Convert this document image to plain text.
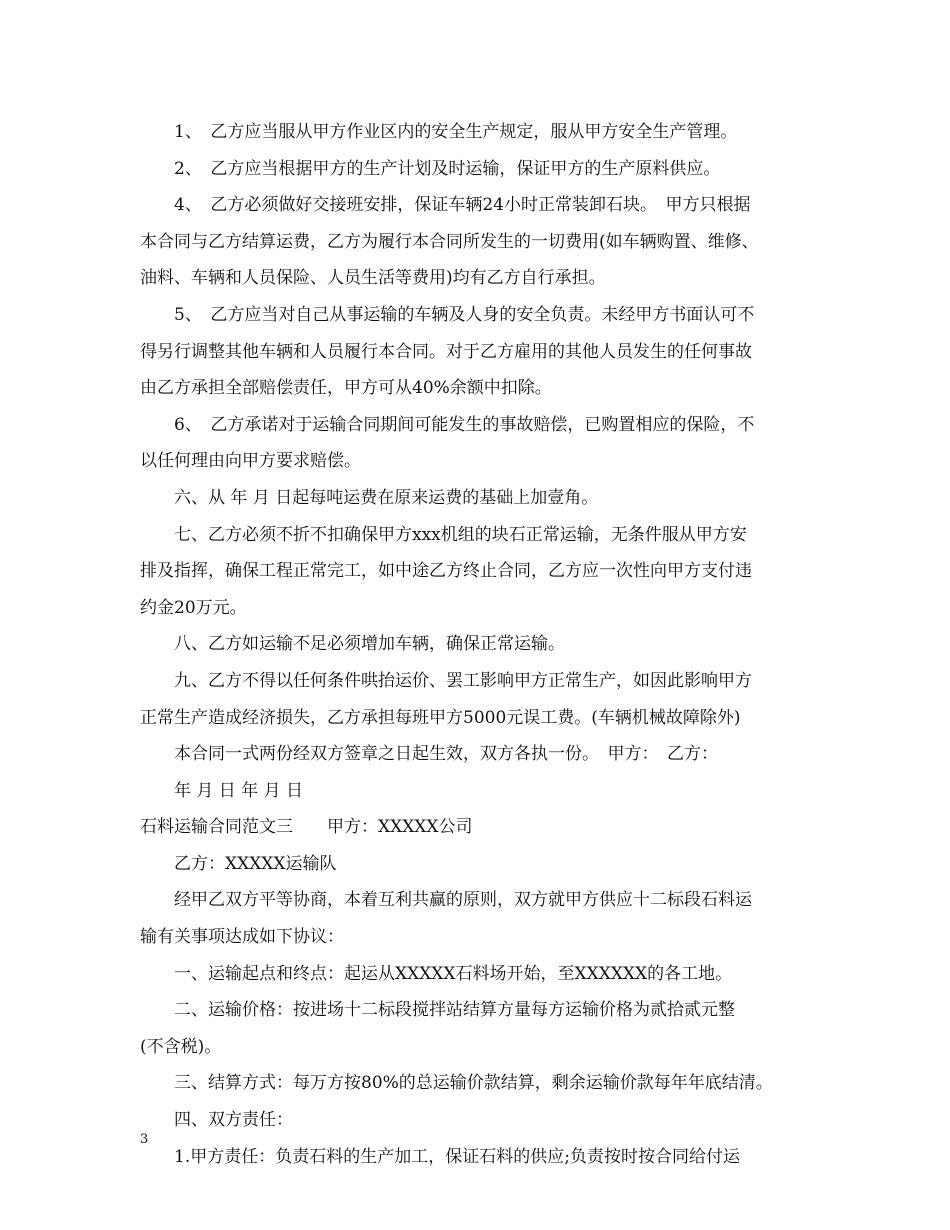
1、　乙方应当服从甲方作业区内的安全生产规定，服从甲方安全生产管理。
2、　乙方应当根据甲方的生产计划及时运输，保证甲方的生产原料供应。
4、　乙方必须做好交接班安排，保证车辆24小时正常装卸石块。　甲方只根据
本合同与乙方结算运费，乙方为履行本合同所发生的一切费用(如车辆购置、维修、
油料、车辆和人员保险、人员生活等费用)均有乙方自行承担。
5、　乙方应当对自己从事运输的车辆及人身的安全负责。未经甲方书面认可不
得另行调整其他车辆和人员履行本合同。对于乙方雇用的其他人员发生的任何事故
由乙方承担全部赔偿责任，甲方可从40%余额中扣除。
6、　乙方承诺对于运输合同期间可能发生的事故赔偿，已购置相应的保险，不
以任何理由向甲方要求赔偿。
六、从 年 月 日起每吨运费在原来运费的基础上加壹角。
七、乙方必须不折不扣确保甲方xxx机组的块石正常运输，无条件服从甲方安
排及指挥，确保工程正常完工，如中途乙方终止合同，乙方应一次性向甲方支付违
约金20万元。
八、乙方如运输不足必须增加车辆，确保正常运输。
九、乙方不得以任何条件哄抬运价、罢工影响甲方正常生产，如因此影响甲方
正常生产造成经济损失，乙方承担每班甲方5000元误工费。(车辆机械故障除外)
本合同一式两份经双方签章之日起生效，双方各执一份。　甲方：　乙方：
年 月 日 年 月 日
石料运输合同范文三　　甲方：XXXXX公司
乙方：XXXXX运输队
经甲乙双方平等协商，本着互利共赢的原则，双方就甲方供应十二标段石料运
输有关事项达成如下协议：
一、运输起点和终点：起运从XXXXX石料场开始，至XXXXXX的各工地。
二、运输价格：按进场十二标段搅拌站结算方量每方运输价格为贰拾贰元整
(不含税)。
三、结算方式：每万方按80%的总运输价款结算，剩余运输价款每年年底结清。
四、双方责任：
1.甲方责任：负责石料的生产加工，保证石料的供应;负责按时按合同给付运
3
